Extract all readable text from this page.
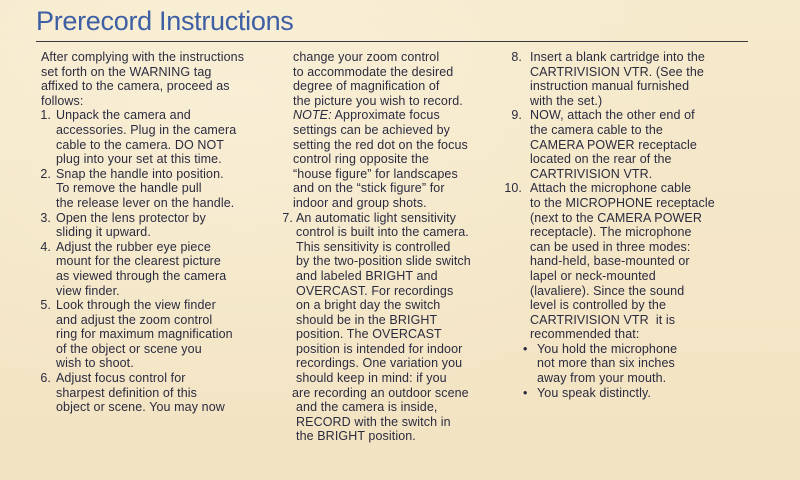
Prerecord Instructions
After complying with the instructions
set forth on the WARNING tag
affixed to the camera, proceed as
follows:
1. Unpack the camera and
accessories. Plug in the camera
cable to the camera. DO NOT
plug into your set at this time.
2. Snap the handle into position.
To remove the handle pull
the release lever on the handle.
3. Open the lens protector by
sliding it upward.
4. Adjust the rubber eye piece
mount for the clearest picture
as viewed through the camera
view finder.
5. Look through the view finder
and adjust the zoom control
ring for maximum magnification
of the object or scene you
wish to shoot.
6. Adjust focus control for
sharpest definition of this
object or scene. You may now
change your zoom control
to accommodate the desired
degree of magnification of
the picture you wish to record.
NOTE: Approximate focus
settings can be achieved by
setting the red dot on the focus
control ring opposite the
“house figure” for landscapes
and on the “stick figure” for
indoor and group shots.
7. An automatic light sensitivity
control is built into the camera.
This sensitivity is controlled
by the two-position slide switch
and labeled BRIGHT and
OVERCAST. For recordings
on a bright day the switch
should be in the BRIGHT
position. The OVERCAST
position is intended for indoor
recordings. One variation you
should keep in mind: if you
are recording an outdoor scene
and the camera is inside,
RECORD with the switch in
the BRIGHT position.
8. Insert a blank cartridge into the
CARTRIVISION VTR. (See the
instruction manual furnished
with the set.)
9. NOW, attach the other end of
the camera cable to the
CAMERA POWER receptacle
located on the rear of the
CARTRIVISION VTR.
10. Attach the microphone cable
to the MICROPHONE receptacle
(next to the CAMERA POWER
receptacle). The microphone
can be used in three modes:
hand-held, base-mounted or
lapel or neck-mounted
(lavaliere). Since the sound
level is controlled by the
CARTRIVISION VTR  it is
recommended that:
• You hold the microphone
not more than six inches
away from your mouth.
• You speak distinctly.
